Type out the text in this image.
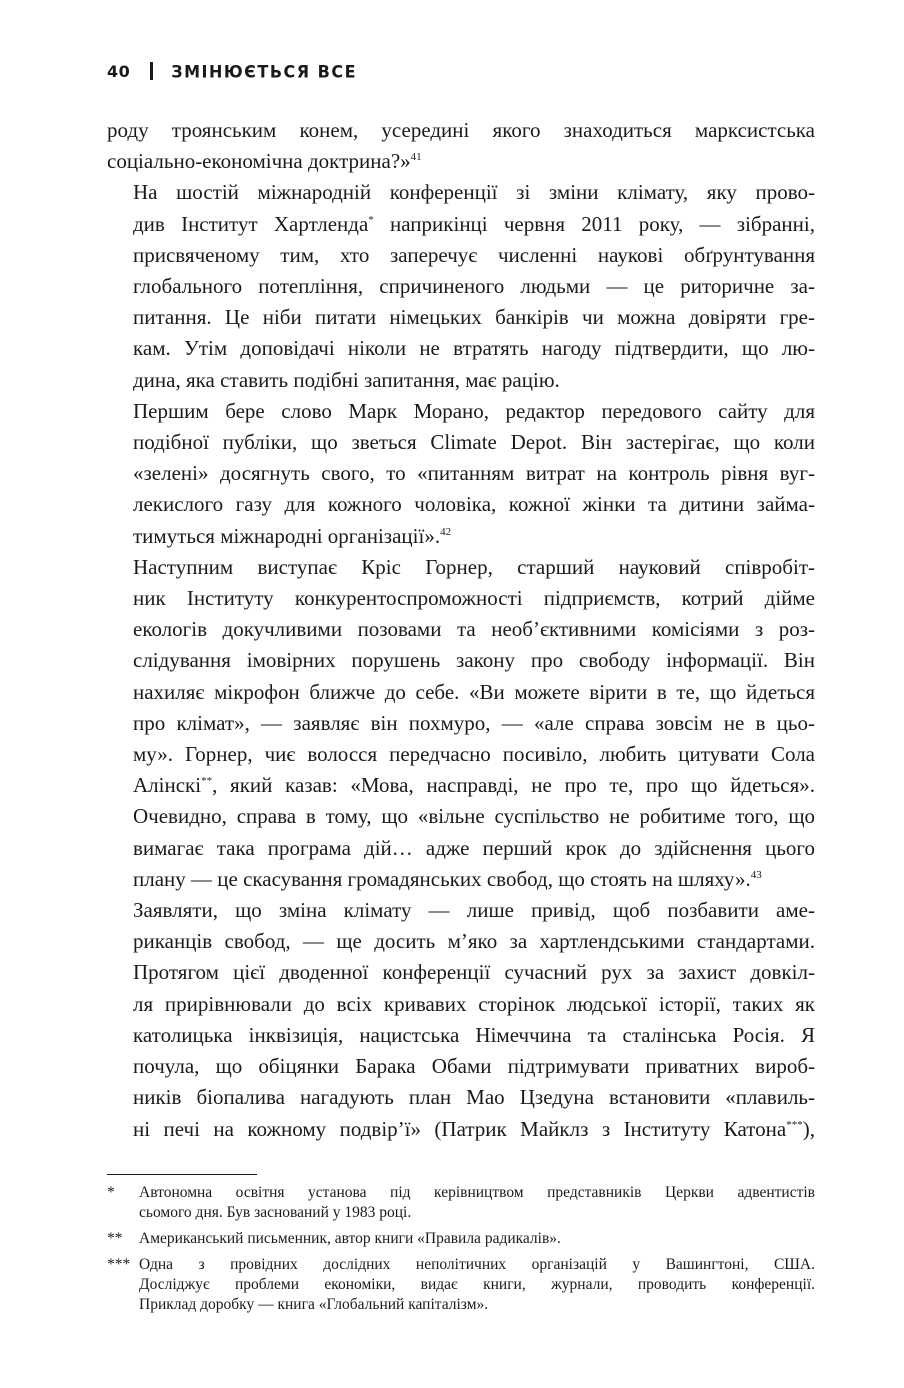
40	ЗМІНЮЄТЬСЯ ВСЕ

роду троянським конем, усередині якого знаходиться марксистська
соціально-економічна доктрина?»$^{41}$

На шостій міжнародній конференції зі зміни клімату, яку прово-
див Інститут Хартленда* наприкінці червня 2011 року, — зібранні,
присвяченому тим, хто заперечує численні наукові обґрунтування
глобального потепління, спричиненого людьми — це риторичне за-
питання. Це ніби питати німецьких банкірів чи можна довіряти гре-
кам. Утім доповідачі ніколи не втратять нагоду підтвердити, що лю-
дина, яка ставить подібні запитання, має рацію.

Першим бере слово Марк Морано, редактор передового сайту для
подібної публіки, що зветься Climate Depot. Він застерігає, що коли
«зелені» досягнуть свого, то «питанням витрат на контроль рівня вуг-
лекислого газу для кожного чоловіка, кожної жінки та дитини займа-
тимуться міжнародні організації».$^{42}$

Наступним виступає Кріс Горнер, старший науковий співробіт-
ник Інституту конкурентоспроможності підприємств, котрий дійме
екологів докучливими позовами та необ’єктивними комісіями з роз-
слідування імовірних порушень закону про свободу інформації. Він
нахиляє мікрофон ближче до себе. «Ви можете вірити в те, що йдеться
про клімат», — заявляє він похмуро, — «але справа зовсім не в цьо-
му». Горнер, чиє волосся передчасно посивіло, любить цитувати Сола
Алінскі**, який казав: «Мова, насправді, не про те, про що йдеться».
Очевидно, справа в тому, що «вільне суспільство не робитиме того, що
вимагає така програма дій… адже перший крок до здійснення цього
плану — це скасування громадянських свобод, що стоять на шляху».$^{43}$

Заявляти, що зміна клімату — лише привід, щоб позбавити аме-
риканців свобод, — ще досить м’яко за хартлендськими стандартами.
Протягом цієї дводенної конференції сучасний рух за захист довкіл-
ля прирівнювали до всіх кривавих сторінок людської історії, таких як
католицька інквізиція, нацистська Німеччина та сталінська Росія. Я
почула, що обіцянки Барака Обами підтримувати приватних вироб-
ників біопалива нагадують план Мао Цзедуна встановити «плавиль-
ні печі на кожному подвір’ї» (Патрик Майклз з Інституту Катона***),

*	Автономна освітня установа під керівництвом представників Церкви адвентистів
сьомого дня. Був заснований у 1983 році.
**	Американський письменник, автор книги «Правила радикалів».
*** Одна з провідних дослідних неполітичних організацій у Вашингтоні, США.
Досліджує проблеми економіки, видає книги, журнали, проводить конференції.
Приклад доробку — книга «Глобальний капіталізм».
